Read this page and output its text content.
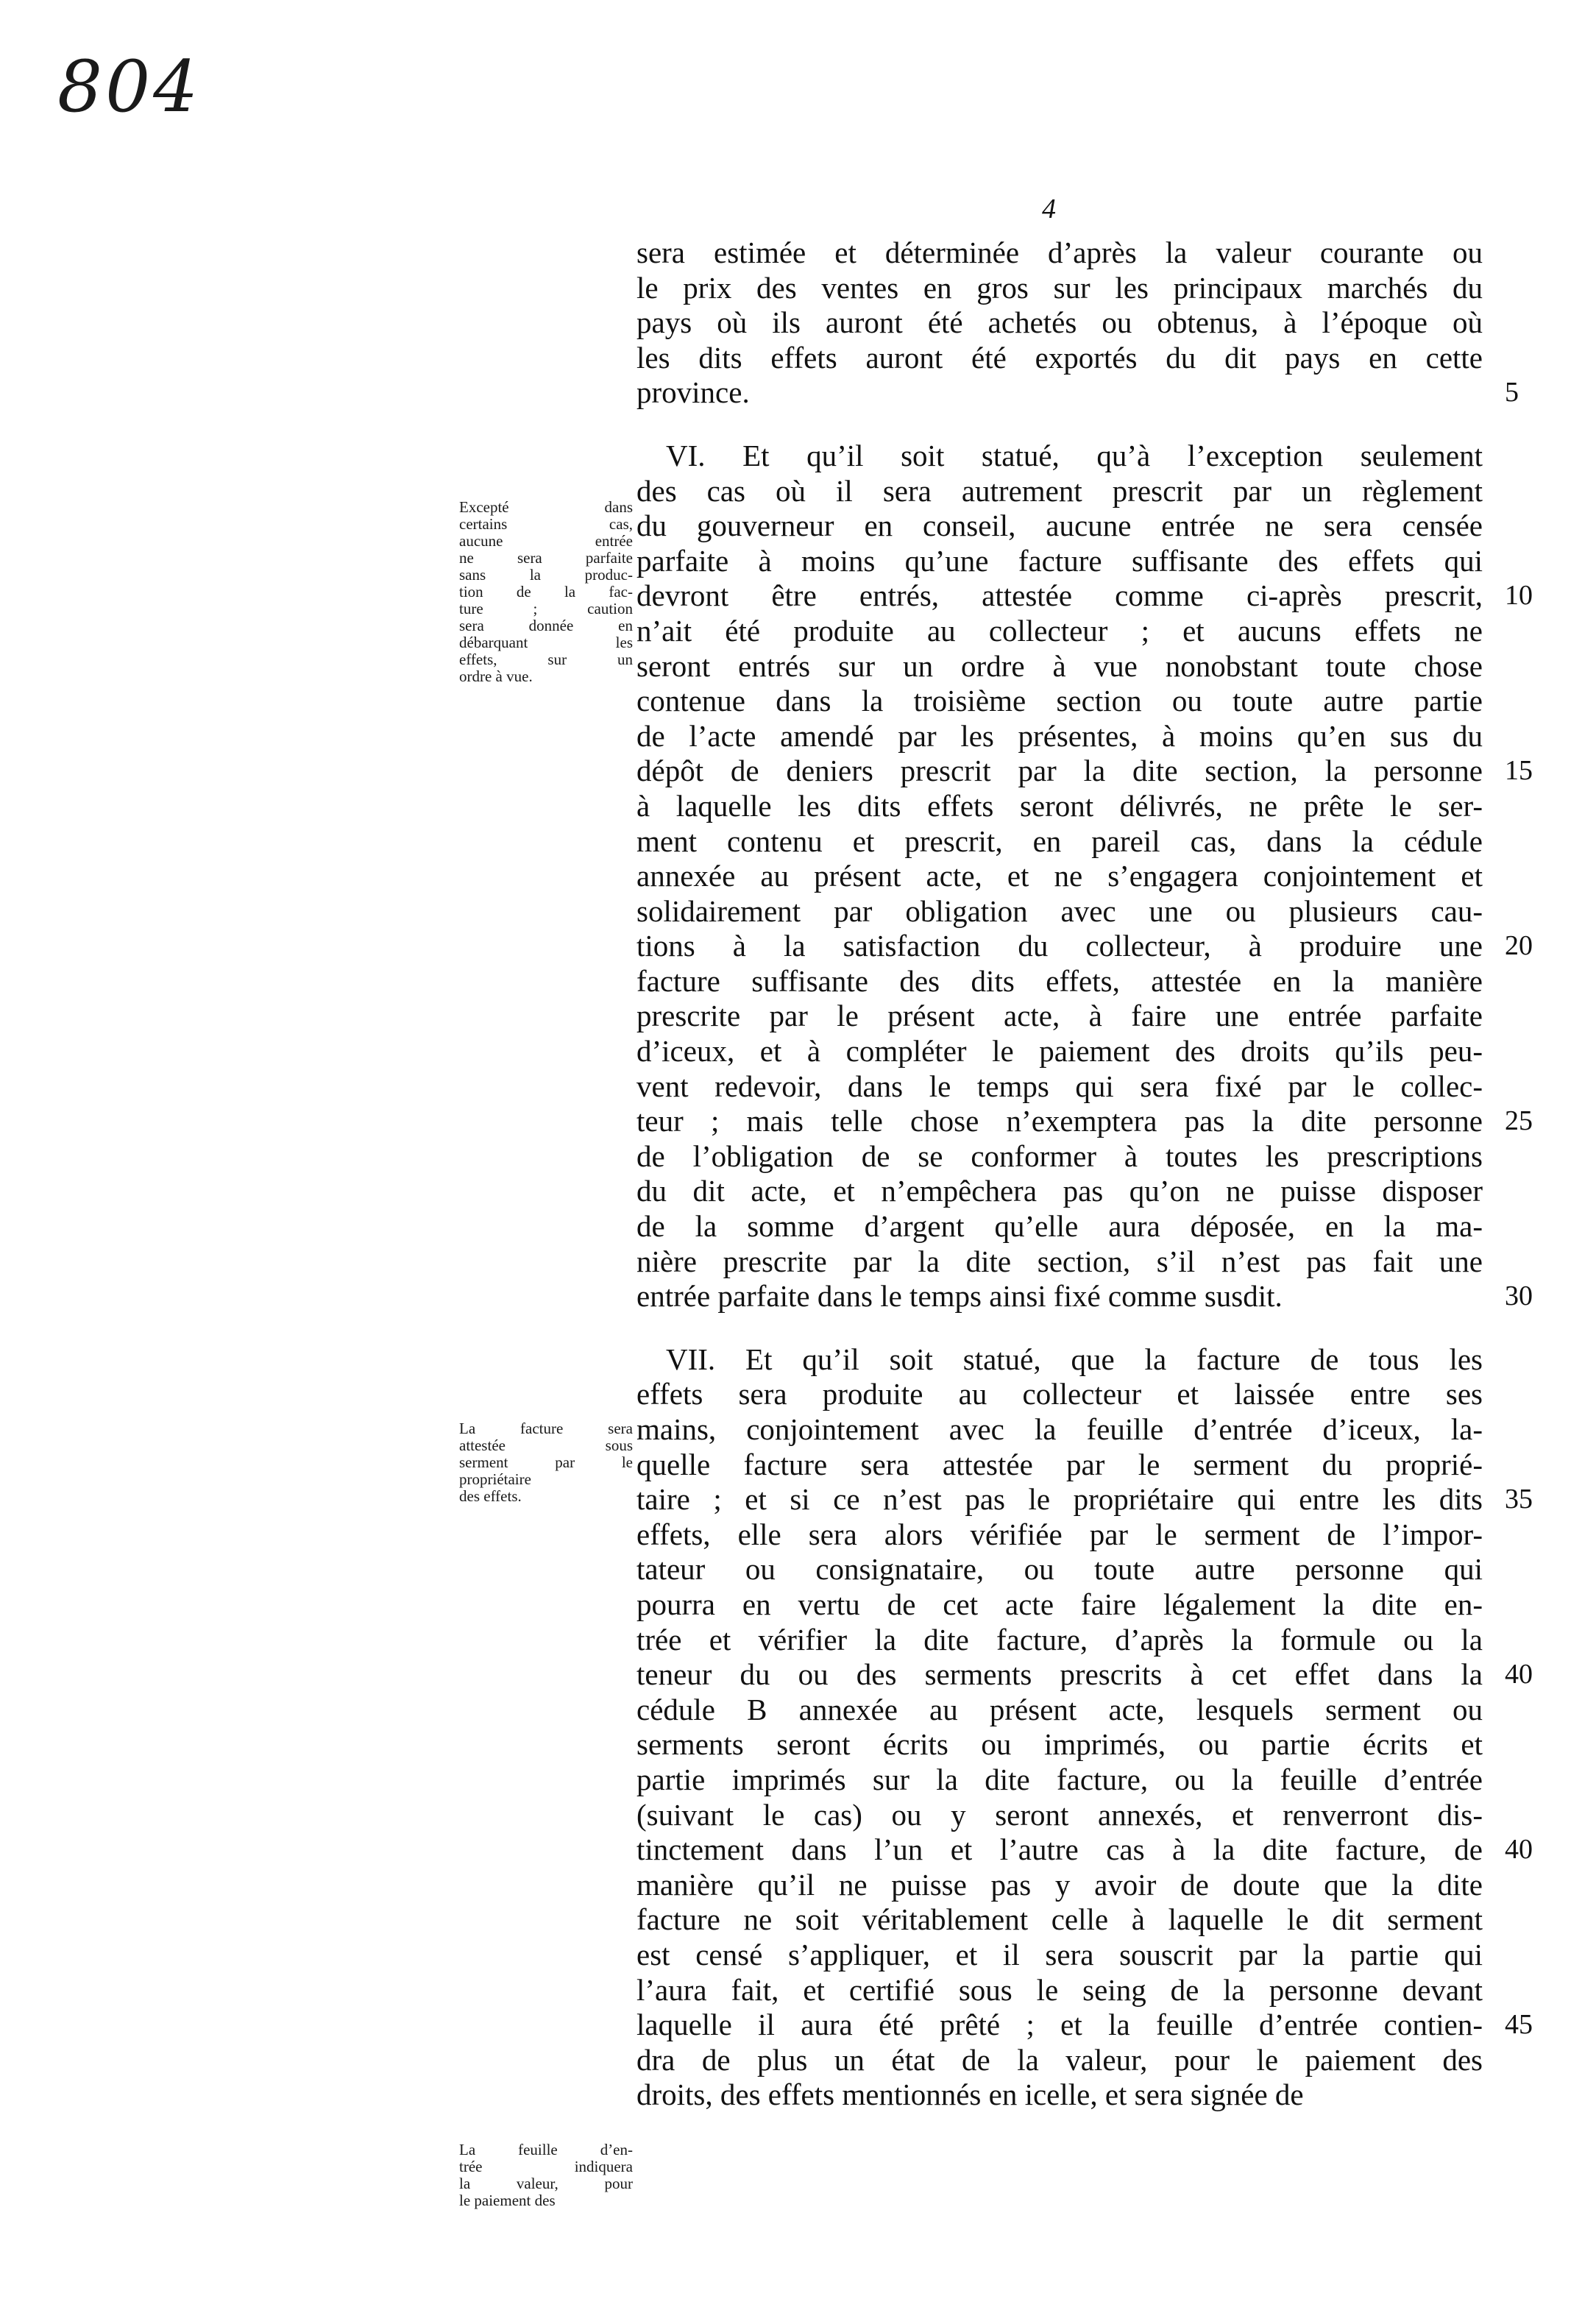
804
4
sera estimée et déterminée d’après la valeur courante ou
le prix des ventes en gros sur les principaux marchés du
pays où ils auront été achetés ou obtenus, à l’époque où
les dits effets auront été exportés du dit pays en cette
province.	5
VI. Et qu’il soit statué, qu’à l’exception seulement
des cas où il sera autrement prescrit par un règlement
du gouverneur en conseil, aucune entrée ne sera censée
parfaite à moins qu’une facture suffisante des effets qui
devront être entrés, attestée comme ci-après prescrit, 10
n’ait été produite au collecteur ; et aucuns effets ne
seront entrés sur un ordre à vue nonobstant toute chose
contenue dans la troisième section ou toute autre partie
de l’acte amendé par les présentes, à moins qu’en sus du
dépôt de deniers prescrit par la dite section, la personne 15
à laquelle les dits effets seront délivrés, ne prête le ser-
ment contenu et prescrit, en pareil cas, dans la cédule
annexée au présent acte, et ne s’engagera conjointement et
solidairement par obligation avec une ou plusieurs cau-
tions à la satisfaction du collecteur, à produire une 20
facture suffisante des dits effets, attestée en la manière
prescrite par le présent acte, à faire une entrée parfaite
d’iceux, et à compléter le paiement des droits qu’ils peu-
vent redevoir, dans le temps qui sera fixé par le collec-
teur ; mais telle chose n’exemptera pas la dite personne 25
de l’obligation de se conformer à toutes les prescriptions
du dit acte, et n’empêchera pas qu’on ne puisse disposer
de la somme d’argent qu’elle aura déposée, en la ma-
nière prescrite par la dite section, s’il n’est pas fait une
entrée parfaite dans le temps ainsi fixé comme susdit.	30
VII. Et qu’il soit statué, que la facture de tous les
effets sera produite au collecteur et laissée entre ses
mains, conjointement avec la feuille d’entrée d’iceux, la-
quelle facture sera attestée par le serment du proprié-
taire ; et si ce n’est pas le propriétaire qui entre les dits 35
effets, elle sera alors vérifiée par le serment de l’impor-
tateur ou consignataire, ou toute autre personne qui
pourra en vertu de cet acte faire légalement la dite en-
trée et vérifier la dite facture, d’après la formule ou la
teneur du ou des serments prescrits à cet effet dans la 40
cédule B annexée au présent acte, lesquels serment ou
serments seront écrits ou imprimés, ou partie écrits et
partie imprimés sur la dite facture, ou la feuille d’entrée
(suivant le cas) ou y seront annexés, et renverront dis-
tinctement dans l’un et l’autre cas à la dite facture, de 40
manière qu’il ne puisse pas y avoir de doute que la dite
facture ne soit véritablement celle à laquelle le dit serment
est censé s’appliquer, et il sera souscrit par la partie qui
l’aura fait, et certifié sous le seing de la personne devant
laquelle il aura été prêté ; et la feuille d’entrée contien- 45
dra de plus un état de la valeur, pour le paiement des
droits, des effets mentionnés en icelle, et sera signée de
Excepté dans
certains cas,
aucune entrée
ne sera parfaite
sans la produc-
tion de la fac-
ture ; caution
sera donnée en
débarquant les
effets, sur un
ordre à vue.
La facture sera
attestée sous
serment par le
propriétaire
des effets.
La feuille d’en-
trée indiquera
la valeur, pour
le paiement des
